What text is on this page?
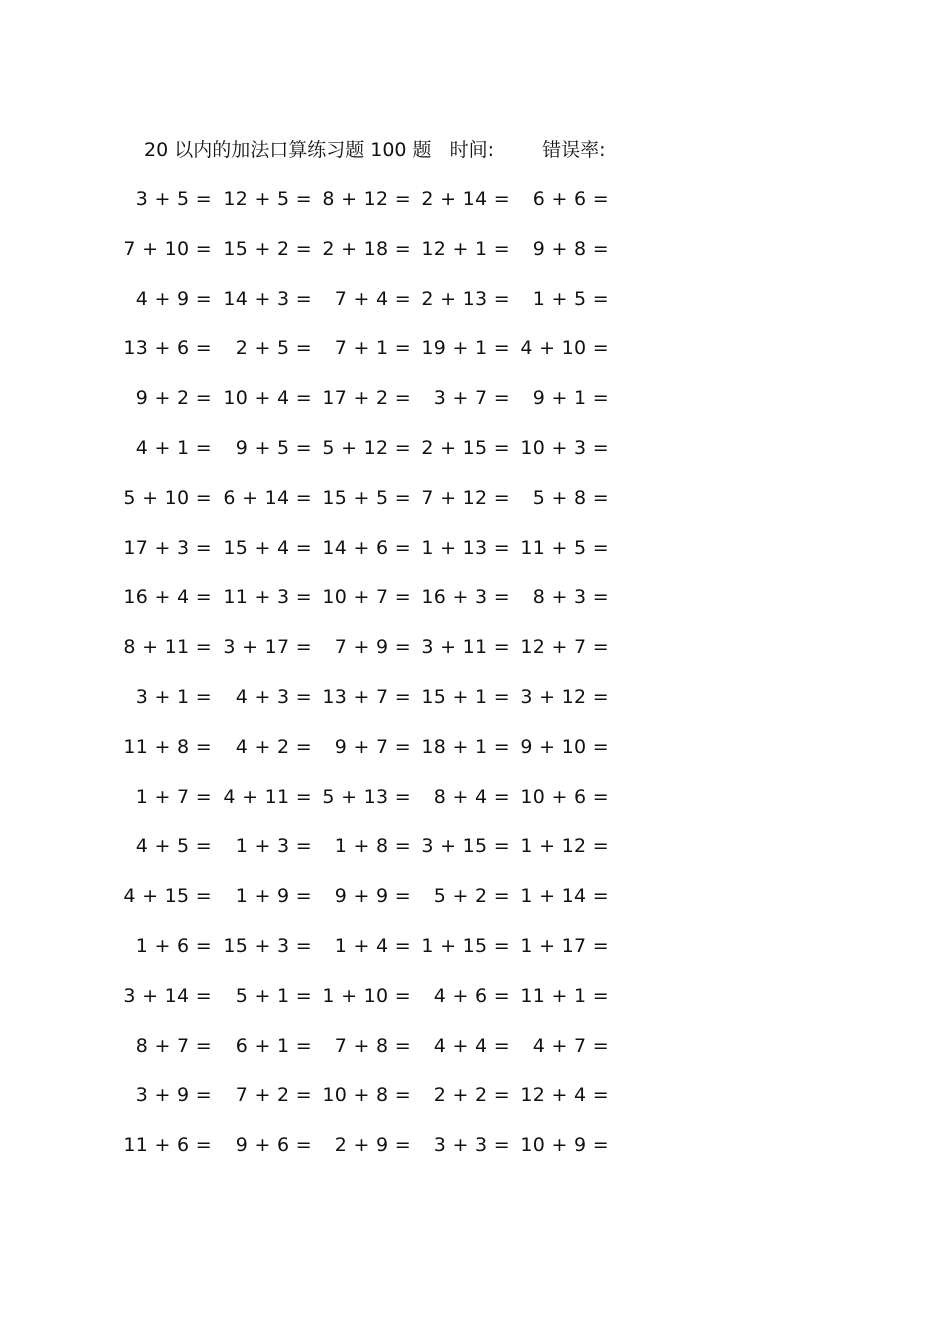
20 以内的加法口算练习题 100 题 时间:	错误率:
3 + 5 = 12 + 5 = 8 + 12 = 2 + 14 = 6 + 6 =
7 + 10 = 15 + 2 = 2 + 18 = 12 + 1 = 9 + 8 =
4 + 9 = 14 + 3 = 7 + 4 = 2 + 13 = 1 + 5 =
13 + 6 = 2 + 5 = 7 + 1 = 19 + 1 = 4 + 10 =
9 + 2 = 10 + 4 = 17 + 2 = 3 + 7 = 9 + 1 =
4 + 1 = 9 + 5 = 5 + 12 = 2 + 15 = 10 + 3 =
5 + 10 = 6 + 14 = 15 + 5 = 7 + 12 = 5 + 8 =
17 + 3 = 15 + 4 = 14 + 6 = 1 + 13 = 11 + 5 =
16 + 4 = 11 + 3 = 10 + 7 = 16 + 3 = 8 + 3 =
8 + 11 = 3 + 17 = 7 + 9 = 3 + 11 = 12 + 7 =
3 + 1 = 4 + 3 = 13 + 7 = 15 + 1 = 3 + 12 =
11 + 8 = 4 + 2 = 9 + 7 = 18 + 1 = 9 + 10 =
1 + 7 = 4 + 11 = 5 + 13 = 8 + 4 = 10 + 6 =
4 + 5 = 1 + 3 = 1 + 8 = 3 + 15 = 1 + 12 =
4 + 15 = 1 + 9 = 9 + 9 = 5 + 2 = 1 + 14 =
1 + 6 = 15 + 3 = 1 + 4 = 1 + 15 = 1 + 17 =
3 + 14 = 5 + 1 = 1 + 10 = 4 + 6 = 11 + 1 =
8 + 7 = 6 + 1 = 7 + 8 = 4 + 4 = 4 + 7 =
3 + 9 = 7 + 2 = 10 + 8 = 2 + 2 = 12 + 4 =
11 + 6 = 9 + 6 = 2 + 9 = 3 + 3 = 10 + 9 =
